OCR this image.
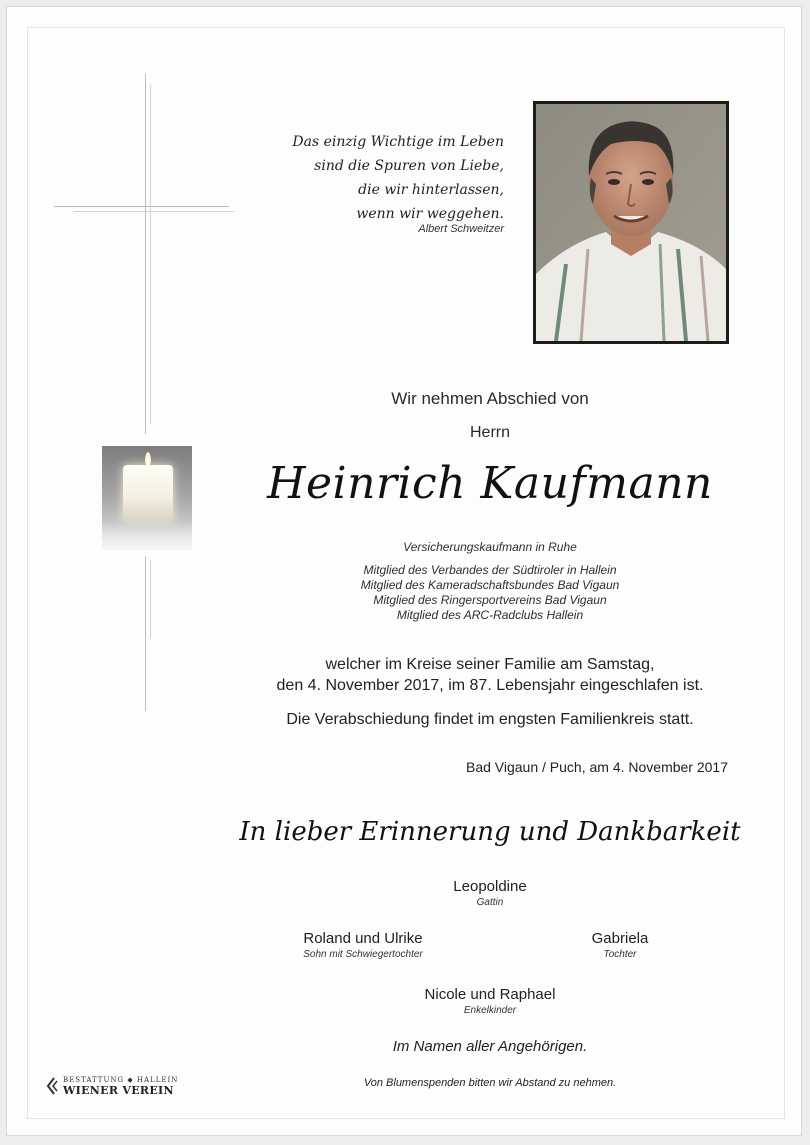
Das einzig Wichtige im Leben
sind die Spuren von Liebe,
die wir hinterlassen,
wenn wir weggehen.
Albert Schweitzer
Wir nehmen Abschied von
Herrn
Heinrich Kaufmann
Versicherungskaufmann in Ruhe
Mitglied des Verbandes der Südtiroler in Hallein
Mitglied des Kameradschaftsbundes Bad Vigaun
Mitglied des Ringersportvereins Bad Vigaun
Mitglied des ARC-Radclubs Hallein
welcher im Kreise seiner Familie am Samstag,
den 4. November 2017, im 87. Lebensjahr eingeschlafen ist.
Die Verabschiedung findet im engsten Familienkreis statt.
Bad Vigaun / Puch, am 4. November 2017
In lieber Erinnerung und Dankbarkeit
Leopoldine
Gattin
Roland und Ulrike
Sohn mit Schwiegertochter
Gabriela
Tochter
Nicole und Raphael
Enkelkinder
Im Namen aller Angehörigen.
Von Blumenspenden bitten wir Abstand zu nehmen.
BESTATTUNG ◆ HALLEIN
WIENER VEREIN
